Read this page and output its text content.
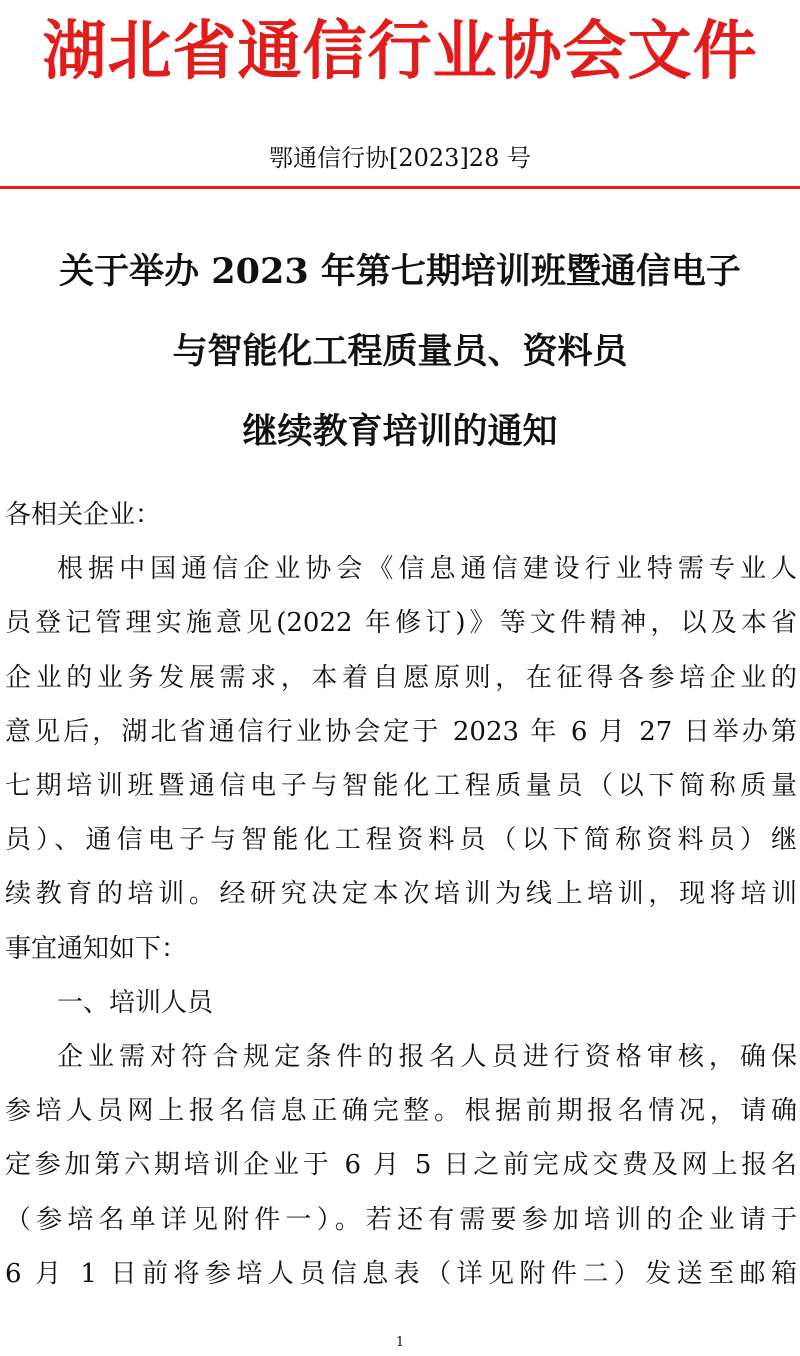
湖北省通信行业协会文件
鄂通信行协[2023]28 号
关于举办 2023 年第七期培训班暨通信电子
与智能化工程质量员、资料员
继续教育培训的通知

各相关企业：

根据中国通信企业协会《信息通信建设行业特需专业人

员登记管理实施意见(2022 年修订)》等文件精神，以及本省

企业的业务发展需求，本着自愿原则，在征得各参培企业的

意见后，湖北省通信行业协会定于 2023 年 6 月 27 日举办第

七期培训班暨通信电子与智能化工程质量员（以下简称质量

员）、通信电子与智能化工程资料员（以下简称资料员）继

续教育的培训。经研究决定本次培训为线上培训，现将培训

事宜通知如下：

一、培训人员

企业需对符合规定条件的报名人员进行资格审核，确保

参培人员网上报名信息正确完整。根据前期报名情况，请确

定参加第六期培训企业于 6 月 5 日之前完成交费及网上报名

（参培名单详见附件一）。若还有需要参加培训的企业请于

6 月 1 日前将参培人员信息表（详见附件二）发送至邮箱

1
